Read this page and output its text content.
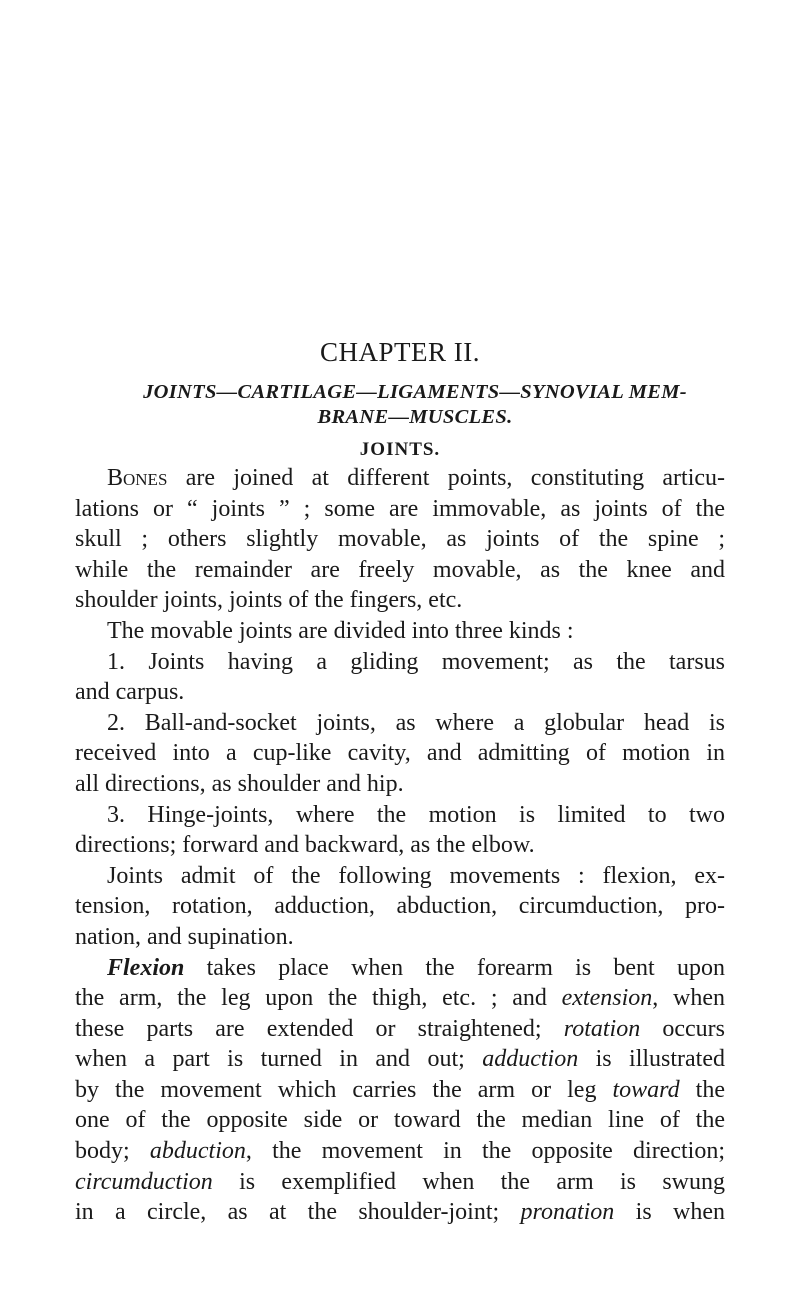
CHAPTER II.
JOINTS—CARTILAGE—LIGAMENTS—SYNOVIAL MEM-
BRANE—MUSCLES.
JOINTS.
Bones are joined at different points, constituting articu-
lations or “ joints ” ; some are immovable, as joints of the
skull ; others slightly movable, as joints of the spine ;
while the remainder are freely movable, as the knee and
shoulder joints, joints of the fingers, etc.
The movable joints are divided into three kinds :
1. Joints having a gliding movement; as the tarsus
and carpus.
2. Ball-and-socket joints, as where a globular head is
received into a cup-like cavity, and admitting of motion in
all directions, as shoulder and hip.
3. Hinge-joints, where the motion is limited to two
directions; forward and backward, as the elbow.
Joints admit of the following movements : flexion, ex-
tension, rotation, adduction, abduction, circumduction, pro-
nation, and supination.
Flexion takes place when the forearm is bent upon
the arm, the leg upon the thigh, etc. ; and extension, when
these parts are extended or straightened; rotation occurs
when a part is turned in and out; adduction is illustrated
by the movement which carries the arm or leg toward the
one of the opposite side or toward the median line of the
body; abduction, the movement in the opposite direction;
circumduction is exemplified when the arm is swung
in a circle, as at the shoulder-joint; pronation is when
